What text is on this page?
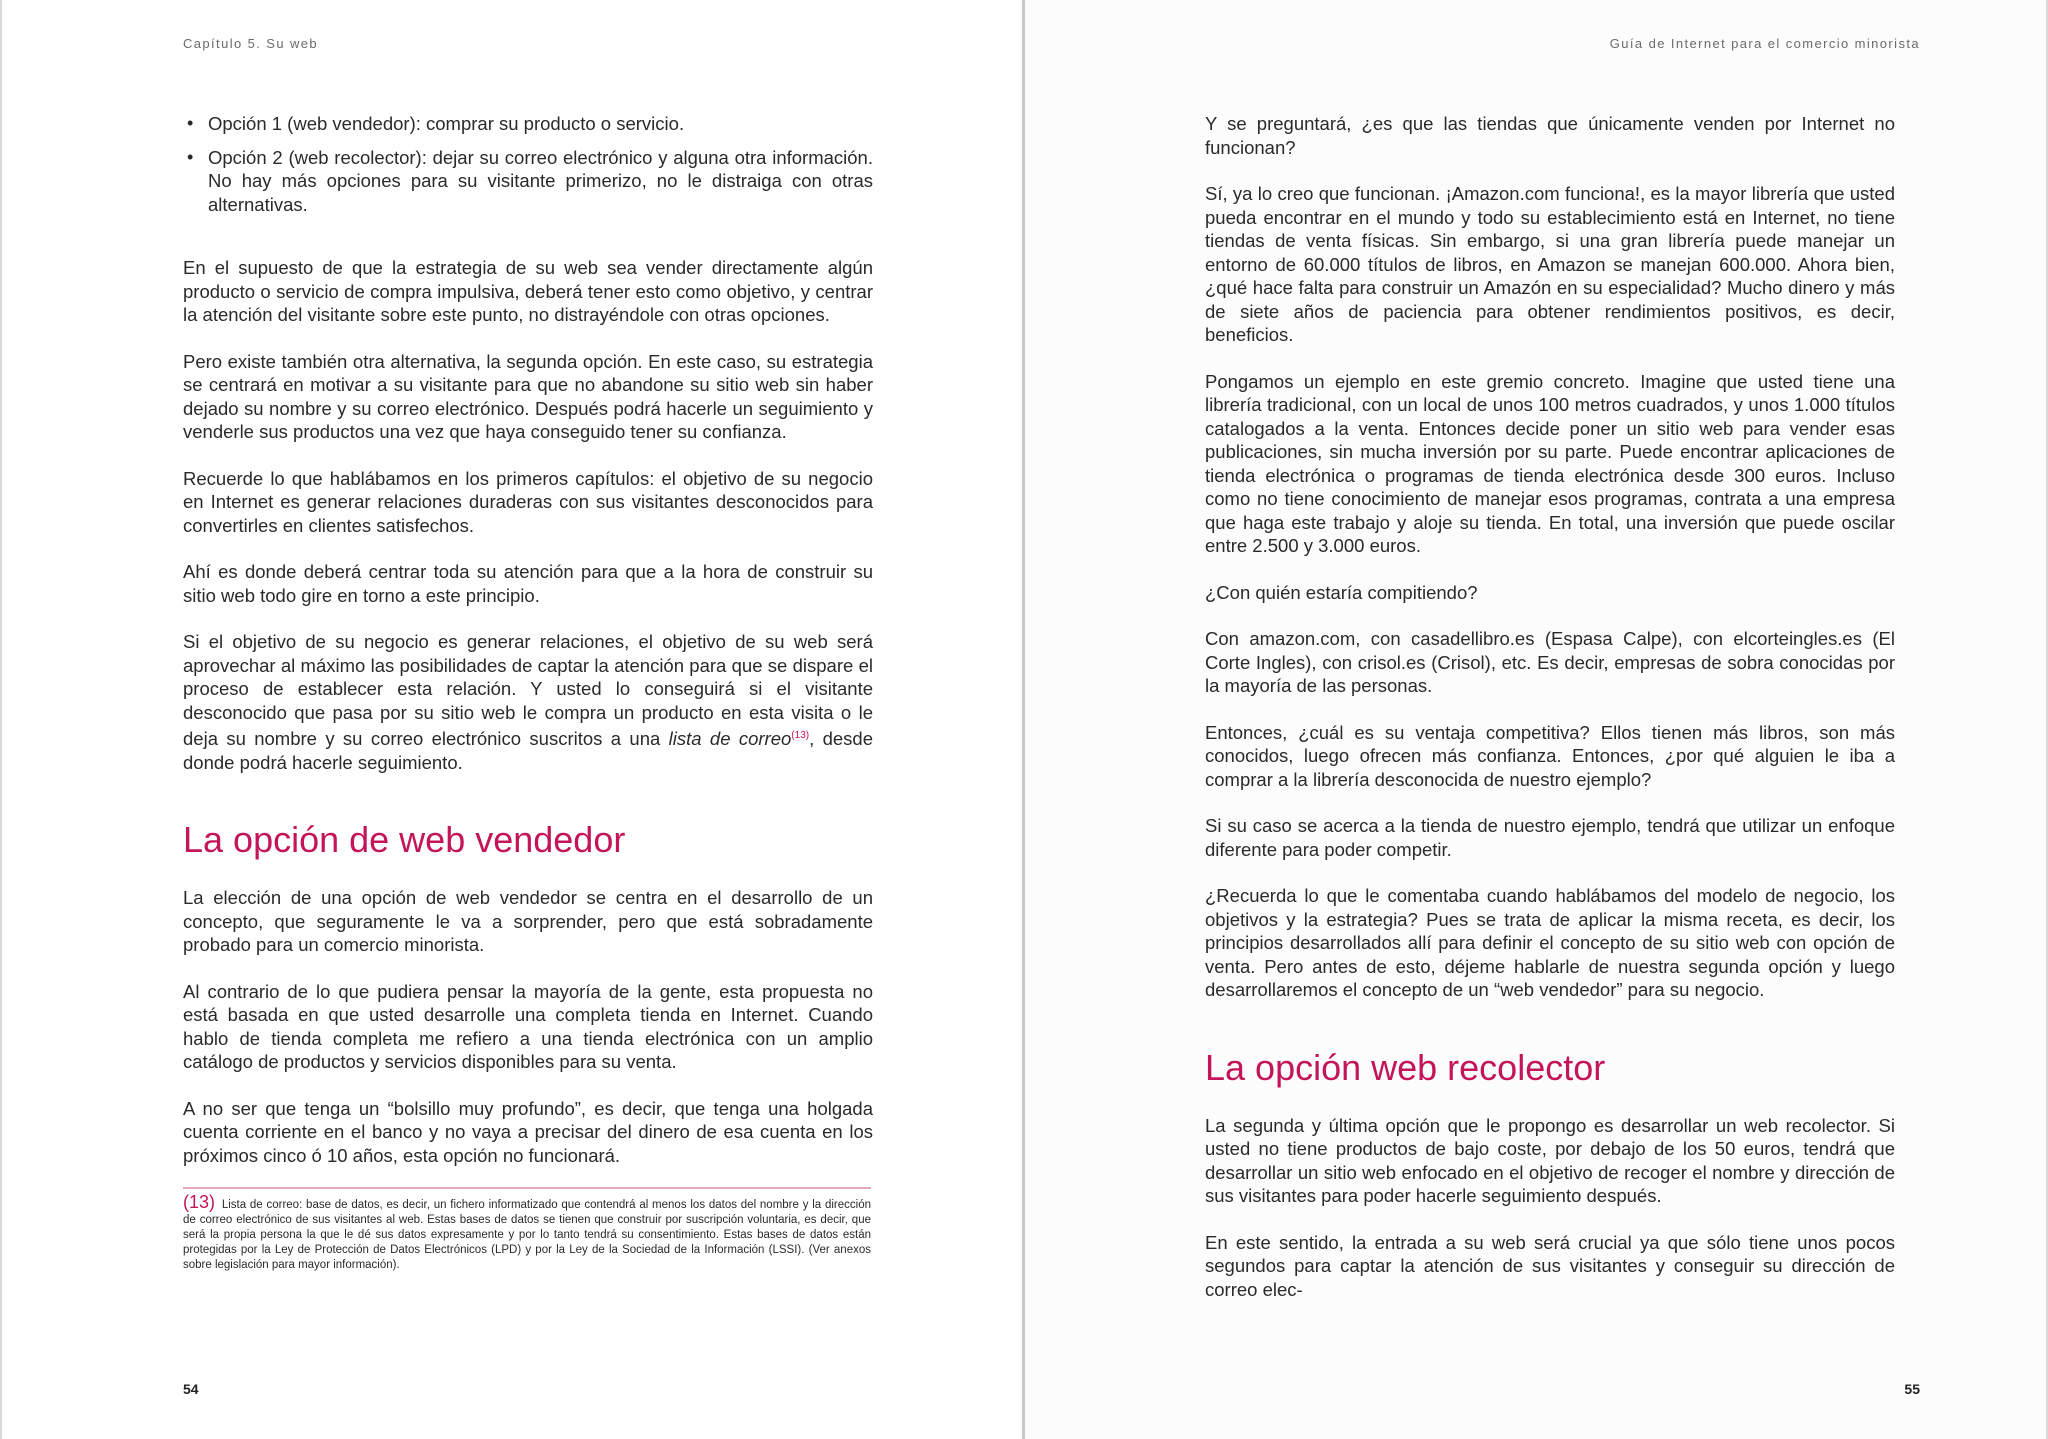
Capítulo 5. Su web
• Opción 1 (web vendedor): comprar su producto o servicio.
• Opción 2 (web recolector): dejar su correo electrónico y alguna otra información. No hay más opciones para su visitante primerizo, no le distraiga con otras alternativas.

En el supuesto de que la estrategia de su web sea vender directamente algún producto o servicio de compra impulsiva, deberá tener esto como objetivo, y centrar la atención del visitante sobre este punto, no distrayéndole con otras opciones.

Pero existe también otra alternativa, la segunda opción. En este caso, su estrategia se centrará en motivar a su visitante para que no abandone su sitio web sin haber dejado su nombre y su correo electrónico. Después podrá hacerle un seguimiento y venderle sus productos una vez que haya conseguido tener su confianza.

Recuerde lo que hablábamos en los primeros capítulos: el objetivo de su negocio en Internet es generar relaciones duraderas con sus visitantes desconocidos para convertirles en clientes satisfechos.

Ahí es donde deberá centrar toda su atención para que a la hora de construir su sitio web todo gire en torno a este principio.

Si el objetivo de su negocio es generar relaciones, el objetivo de su web será aprovechar al máximo las posibilidades de captar la atención para que se dispare el proceso de establecer esta relación. Y usted lo conseguirá si el visitante desconocido que pasa por su sitio web le compra un producto en esta visita o le deja su nombre y su correo electrónico suscritos a una lista de correo$^{(13)}$, desde donde podrá hacerle seguimiento.

La opción de web vendedor

La elección de una opción de web vendedor se centra en el desarrollo de un concepto, que seguramente le va a sorprender, pero que está sobradamente probado para un comercio minorista.

Al contrario de lo que pudiera pensar la mayoría de la gente, esta propuesta no está basada en que usted desarrolle una completa tienda en Internet. Cuando hablo de tienda completa me refiero a una tienda electrónica con un amplio catálogo de productos y servicios disponibles para su venta.

A no ser que tenga un “bolsillo muy profundo”, es decir, que tenga una holgada cuenta corriente en el banco y no vaya a precisar del dinero de esa cuenta en los próximos cinco ó 10 años, esta opción no funcionará.

(13) Lista de correo: base de datos, es decir, un fichero informatizado que contendrá al menos los datos del nombre y la dirección de correo electrónico de sus visitantes al web. Estas bases de datos se tienen que construir por suscripción voluntaria, es decir, que será la propia persona la que le dé sus datos expresamente y por lo tanto tendrá su consentimiento. Estas bases de datos están protegidas por la Ley de Protección de Datos Electrónicos (LPD) y por la Ley de la Sociedad de la Información (LSSI). (Ver anexos sobre legislación para mayor información).
54
Guía de Internet para el comercio minorista

Y se preguntará, ¿es que las tiendas que únicamente venden por Internet no funcionan?

Sí, ya lo creo que funcionan. ¡Amazon.com funciona!, es la mayor librería que usted pueda encontrar en el mundo y todo su establecimiento está en Internet, no tiene tiendas de venta físicas. Sin embargo, si una gran librería puede manejar un entorno de 60.000 títulos de libros, en Amazon se manejan 600.000. Ahora bien, ¿qué hace falta para construir un Amazón en su especialidad? Mucho dinero y más de siete años de paciencia para obtener rendimientos positivos, es decir, beneficios.

Pongamos un ejemplo en este gremio concreto. Imagine que usted tiene una librería tradicional, con un local de unos 100 metros cuadrados, y unos 1.000 títulos catalogados a la venta. Entonces decide poner un sitio web para vender esas publicaciones, sin mucha inversión por su parte. Puede encontrar aplicaciones de tienda electrónica o programas de tienda electrónica desde 300 euros. Incluso como no tiene conocimiento de manejar esos programas, contrata a una empresa que haga este trabajo y aloje su tienda. En total, una inversión que puede oscilar entre 2.500 y 3.000 euros.

¿Con quién estaría compitiendo?

Con amazon.com, con casadellibro.es (Espasa Calpe), con elcorteingles.es (El Corte Ingles), con crisol.es (Crisol), etc. Es decir, empresas de sobra conocidas por la mayoría de las personas.

Entonces, ¿cuál es su ventaja competitiva? Ellos tienen más libros, son más conocidos, luego ofrecen más confianza. Entonces, ¿por qué alguien le iba a comprar a la librería desconocida de nuestro ejemplo?

Si su caso se acerca a la tienda de nuestro ejemplo, tendrá que utilizar un enfoque diferente para poder competir.

¿Recuerda lo que le comentaba cuando hablábamos del modelo de negocio, los objetivos y la estrategia? Pues se trata de aplicar la misma receta, es decir, los principios desarrollados allí para definir el concepto de su sitio web con opción de venta. Pero antes de esto, déjeme hablarle de nuestra segunda opción y luego desarrollaremos el concepto de un “web vendedor” para su negocio.

La opción web recolector

La segunda y última opción que le propongo es desarrollar un web recolector. Si usted no tiene productos de bajo coste, por debajo de los 50 euros, tendrá que desarrollar un sitio web enfocado en el objetivo de recoger el nombre y dirección de sus visitantes para poder hacerle seguimiento después.

En este sentido, la entrada a su web será crucial ya que sólo tiene unos pocos segundos para captar la atención de sus visitantes y conseguir su dirección de correo elec-

55
